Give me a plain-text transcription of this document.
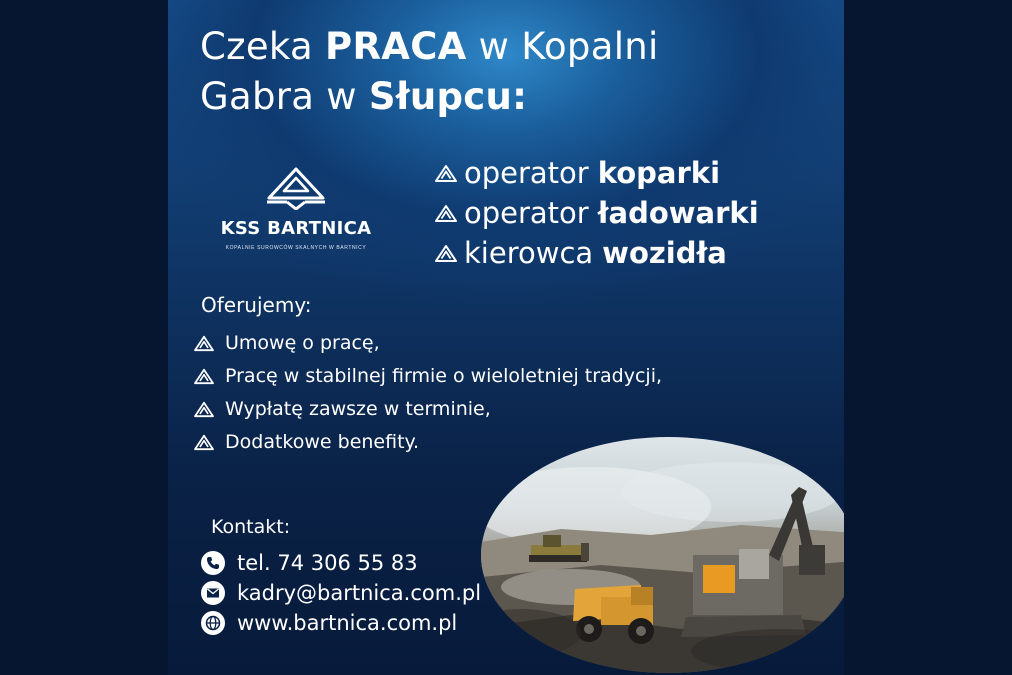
Czeka PRACA w Kopalni
Gabra w Słupcu:
KSS BARTNICA
KOPALNIE SUROWCÓW SKALNYCH W BARTNICY
operator koparki
operator ładowarki
kierowca wozidła
Oferujemy:
Umowę o pracę,
Pracę w stabilnej firmie o wieloletniej tradycji,
Wypłatę zawsze w terminie,
Dodatkowe benefity.
Kontakt:
tel. 74 306 55 83
kadry@bartnica.com.pl
www.bartnica.com.pl
